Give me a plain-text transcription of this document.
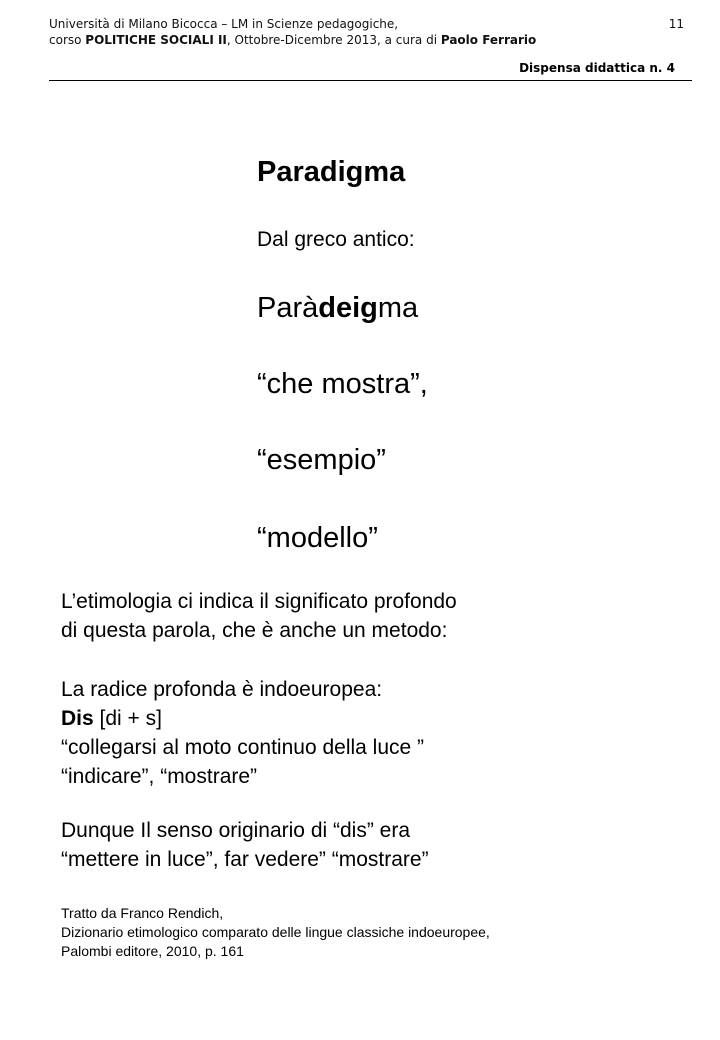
Università di Milano Bicocca – LM in Scienze pedagogiche,
corso POLITICHE SOCIALI II, Ottobre-Dicembre 2013, a cura di Paolo Ferrario
11
Dispensa didattica n. 4
Paradigma
Dal greco antico:
Paràdeigma
“che mostra”,
“esempio”
“modello”
L’etimologia ci indica il significato profondo
di questa parola, che è anche un metodo:
La radice profonda è indoeuropea:
Dis [di + s]
“collegarsi al moto continuo della luce ”
“indicare”, “mostrare”
Dunque Il senso originario di “dis” era
“mettere in luce”, far vedere” “mostrare”
Tratto da Franco Rendich,
Dizionario etimologico comparato delle lingue classiche indoeuropee,
Palombi editore, 2010, p. 161
